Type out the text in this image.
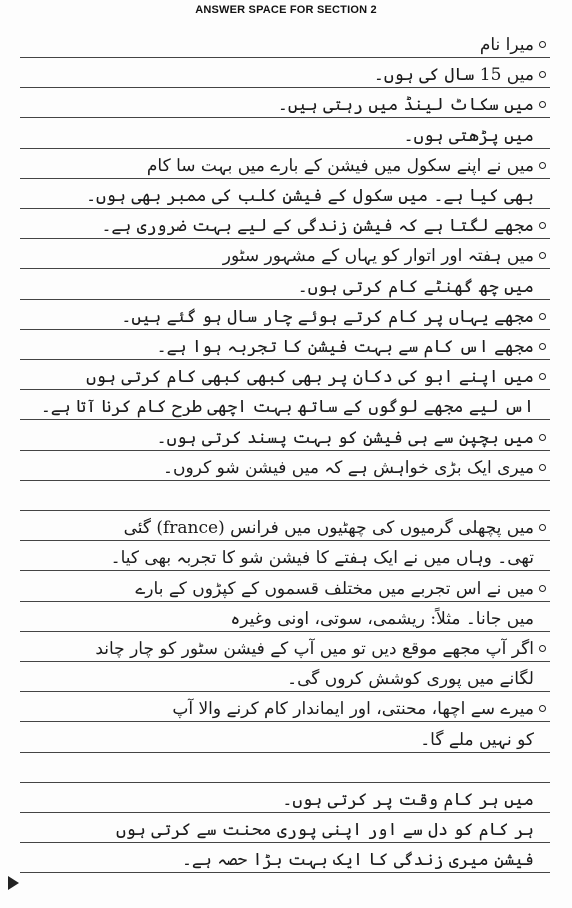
ANSWER SPACE FOR SECTION 2
میرا نام
میں 15 سال کی ہوں۔
میں سکاٹ لینڈ میں رہتی ہیں۔
میں پڑھتی ہوں۔
میں نے اپنے سکول میں فیشن کے بارے میں بہت سا کام
بھی کیا ہے۔ میں سکول کے فیشن کلب کی ممبر بھی ہوں۔
مجھے لگتا ہے کہ فیشن زندگی کے لیے بہت ضروری ہے۔
میں ہفتہ اور اتوار کو یہاں کے مشہور سٹور
میں چھ گھنٹے کام کرتی ہوں۔
مجھے یہاں پر کام کرتے ہوئے چار سال ہو گئے ہیں۔
مجھے اس کام سے بہت فیشن کا تجربہ ہوا ہے۔
میں اپنے ابو کی دکان پر بھی کبھی کبھی کام کرتی ہوں
اس لیے مجھے لوگوں کے ساتھ بہت اچھی طرح کام کرنا آتا ہے۔
میں بچپن سے ہی فیشن کو بہت پسند کرتی ہوں۔
میری ایک بڑی خواہش ہے کہ میں فیشن شو کروں۔
میں پچھلی گرمیوں کی چھٹیوں میں فرانس (france) گئی
تھی۔ وہاں میں نے ایک ہفتے کا فیشن شو کا تجربہ بھی کیا۔
میں نے اس تجربے میں مختلف قسموں کے کپڑوں کے بارے
میں جانا۔ مثلاً: ریشمی، سوتی، اونی وغیرہ
اگر آپ مجھے موقع دیں تو میں آپ کے فیشن سٹور کو چار چاند
لگانے میں پوری کوشش کروں گی۔
میرے سے اچھا، محنتی، اور ایماندار کام کرنے والا آپ
کو نہیں ملے گا۔
میں ہر کام وقت پر کرتی ہوں۔
ہر کام کو دل سے اور اپنی پوری محنت سے کرتی ہوں
فیشن میری زندگی کا ایک بہت بڑا حصہ ہے۔
